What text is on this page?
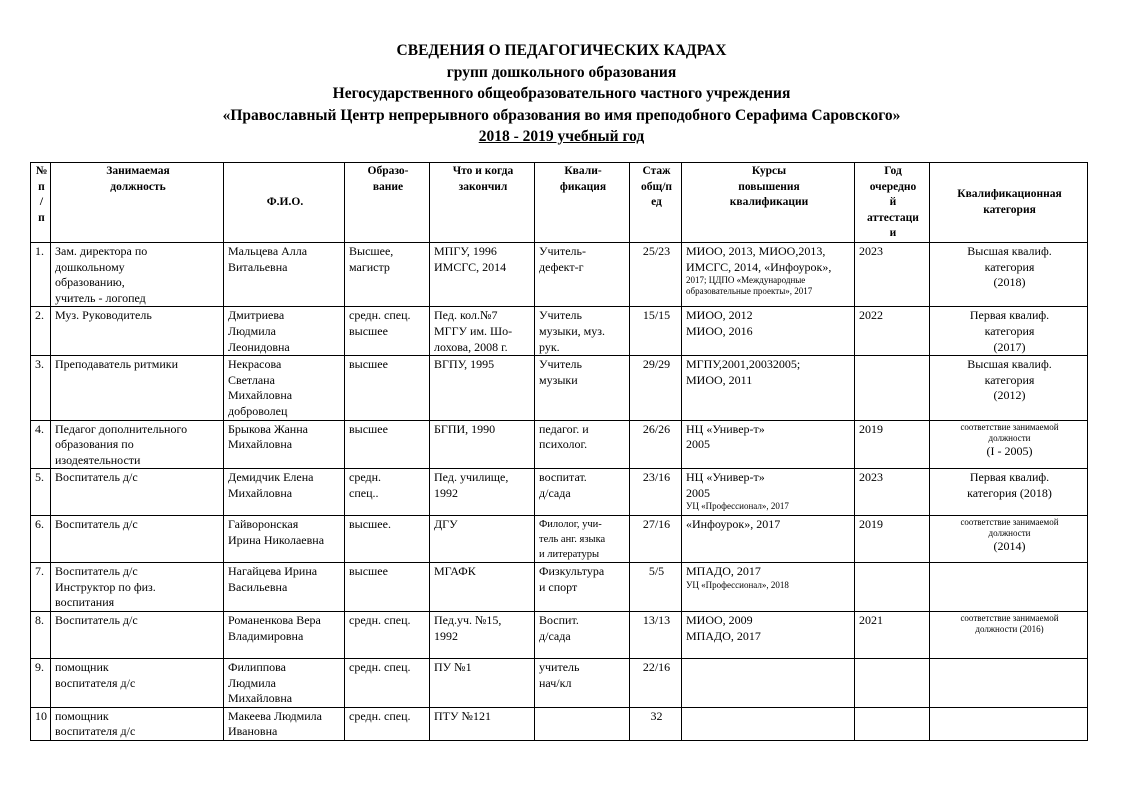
СВЕДЕНИЯ О ПЕДАГОГИЧЕСКИХ КАДРАХ
групп дошкольного образования
Негосударственного общеобразовательного частного учреждения
«Православный Центр непрерывного образования во имя преподобного Серафима Саровского»
2018 - 2019 учебный год
№
п
/
п	Занимаемая
должность	Ф.И.О.	Образо-
вание	Что и когда
закончил	Квали-
фикация	Стаж
общ/п
ед	Курсы
повышения
квалификации	Год
очередно
й
аттестаци
и	Квалификационная
категория

1.	Зам. директора по
дошкольному
образованию,
учитель - логопед	Мальцева Алла
Витальевна	Высшее,
магистр	МПГУ, 1996
ИМСГС, 2014	Учитель-
дефект-г	25/23	МИОО, 2013, МИОО,2013,
ИМСГС, 2014, «Инфоурок»,
2017; ЦДПО «Международные
образовательные проекты», 2017	2023	Высшая квалиф.
категория
(2018)

2.	Муз. Руководитель	Дмитриева
Людмила
Леонидовна	средн. спец.
высшее	Пед. кол.№7
МГГУ им. Шо-
лохова, 2008 г.	Учитель
музыки, муз.
рук.	15/15	МИОО, 2012
МИОО, 2016	2022	Первая квалиф.
категория
(2017)

3.	Преподаватель ритмики	Некрасова
Светлана
Михайловна
доброволец	высшее	ВГПУ, 1995	Учитель
музыки	29/29	МГПУ,2001,20032005;
МИОО, 2011		Высшая квалиф.
категория
(2012)

4.	Педагог дополнительного
образования по
изодеятельности	Брыкова Жанна
Михайловна	высшее	БГПИ, 1990	педагог. и
психолог.	26/26	НЦ «Универ-т»
2005	2019	соответствие занимаемой
должности
(I - 2005)

5.	Воспитатель д/с	Демидчик Елена
Михайловна	средн.
спец..	Пед. училище,
1992	воспитат.
д/сада	23/16	НЦ «Универ-т»
2005
УЦ «Профессионал», 2017	2023	Первая квалиф.
категория (2018)

6.	Воспитатель д/с	Гайворонская
Ирина Николаевна	высшее.	ДГУ	Филолог, учи-
тель анг. языка
и литературы	27/16	«Инфоурок», 2017	2019	соответствие занимаемой
должности
(2014)

7.	Воспитатель д/с
Инструктор по физ.
воспитания	Нагайцева Ирина
Васильевна	высшее	МГАФК	Физкультура
и спорт	5/5	МПАДО, 2017
УЦ «Профессионал», 2018		

8.	Воспитатель д/с	Романенкова Вера
Владимировна	средн. спец.	Пед.уч. №15,
1992	Воспит.
д/сада	13/13	МИОО, 2009
МПАДО, 2017	2021	соответствие занимаемой
должности (2016)

9.	помощник
воспитателя д/с	Филиппова
Людмила
Михайловна	средн. спец.	ПУ №1	учитель
нач/кл	22/16			
10	помощник
воспитателя д/с	Макеева Людмила
Ивановна	средн. спец.	ПТУ №121		32			
